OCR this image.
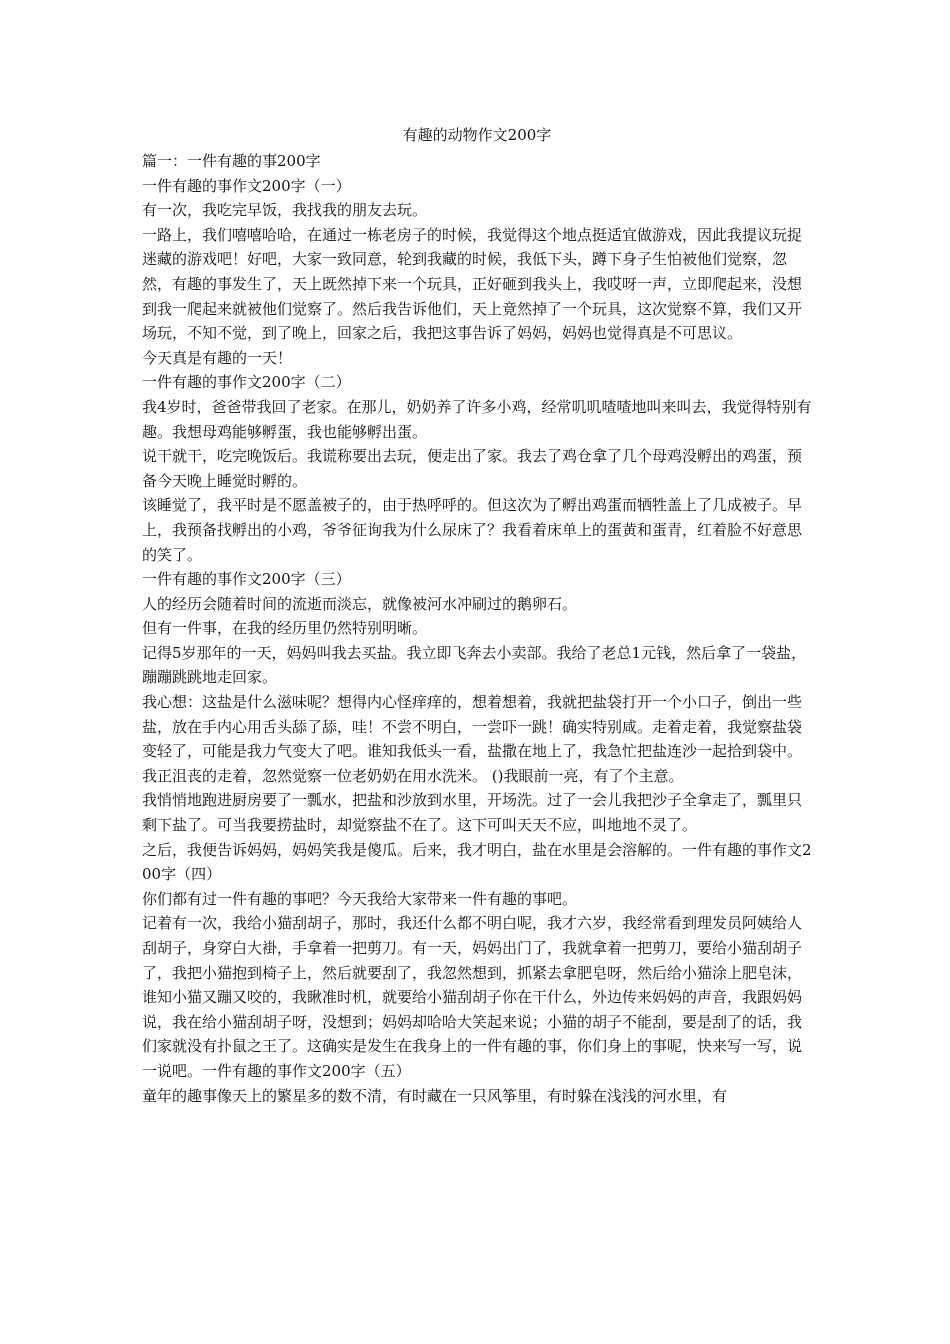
有趣的动物作文200字
篇一：一件有趣的事200字
一件有趣的事作文200字（一）
有一次，我吃完早饭，我找我的朋友去玩。
一路上，我们嘻嘻哈哈，在通过一栋老房子的时候，我觉得这个地点挺适宜做游戏，因此我提议玩捉迷藏的游戏吧！好吧，大家一致同意，轮到我藏的时候，我低下头，蹲下身子生怕被他们觉察，忽然，有趣的事发生了，天上既然掉下来一个玩具，正好砸到我头上，我哎呀一声，立即爬起来，没想到我一爬起来就被他们觉察了。然后我告诉他们，天上竟然掉了一个玩具，这次觉察不算，我们又开场玩，不知不觉，到了晚上，回家之后，我把这事告诉了妈妈，妈妈也觉得真是不可思议。
今天真是有趣的一天！
一件有趣的事作文200字（二）
我4岁时，爸爸带我回了老家。在那儿，奶奶养了许多小鸡，经常叽叽喳喳地叫来叫去，我觉得特别有趣。我想母鸡能够孵蛋，我也能够孵出蛋。
说干就干，吃完晚饭后。我谎称要出去玩，便走出了家。我去了鸡仓拿了几个母鸡没孵出的鸡蛋，预备今天晚上睡觉时孵的。
该睡觉了，我平时是不愿盖被子的，由于热呼呼的。但这次为了孵出鸡蛋而牺牲盖上了几成被子。早上，我预备找孵出的小鸡，爷爷征询我为什么尿床了？我看着床单上的蛋黄和蛋青，红着脸不好意思的笑了。
一件有趣的事作文200字（三）
人的经历会随着时间的流逝而淡忘，就像被河水冲刷过的鹅卵石。
但有一件事，在我的经历里仍然特别明晰。
记得5岁那年的一天，妈妈叫我去买盐。我立即飞奔去小卖部。我给了老总1元钱，然后拿了一袋盐，蹦蹦跳跳地走回家。
我心想：这盐是什么滋味呢？想得内心怪痒痒的，想着想着，我就把盐袋打开一个小口子，倒出一些盐，放在手内心用舌头舔了舔，哇！不尝不明白，一尝吓一跳！确实特别咸。走着走着，我觉察盐袋变轻了，可能是我力气变大了吧。谁知我低头一看，盐撒在地上了，我急忙把盐连沙一起拾到袋中。我正沮丧的走着，忽然觉察一位老奶奶在用水洗米。 ()我眼前一亮，有了个主意。
我悄悄地跑进厨房要了一瓢水，把盐和沙放到水里，开场洗。过了一会儿我把沙子全拿走了，瓢里只剩下盐了。可当我要捞盐时，却觉察盐不在了。这下可叫天天不应，叫地地不灵了。
之后，我便告诉妈妈，妈妈笑我是傻瓜。后来，我才明白，盐在水里是会溶解的。一件有趣的事作文200字（四）
你们都有过一件有趣的事吧？今天我给大家带来一件有趣的事吧。
记着有一次，我给小猫刮胡子，那时，我还什么都不明白呢，我才六岁，我经常看到理发员阿姨给人刮胡子，身穿白大褂，手拿着一把剪刀。有一天，妈妈出门了，我就拿着一把剪刀，要给小猫刮胡子了，我把小猫抱到椅子上，然后就要刮了，我忽然想到，抓紧去拿肥皂呀，然后给小猫涂上肥皂沫，谁知小猫又蹦又咬的，我瞅准时机，就要给小猫刮胡子你在干什么，外边传来妈妈的声音，我跟妈妈说，我在给小猫刮胡子呀，没想到；妈妈却哈哈大笑起来说；小猫的胡子不能刮，要是刮了的话，我们家就没有扑鼠之王了。这确实是发生在我身上的一件有趣的事，你们身上的事呢，快来写一写，说一说吧。一件有趣的事作文200字（五）
童年的趣事像天上的繁星多的数不清，有时藏在一只风筝里，有时躲在浅浅的河水里，有
